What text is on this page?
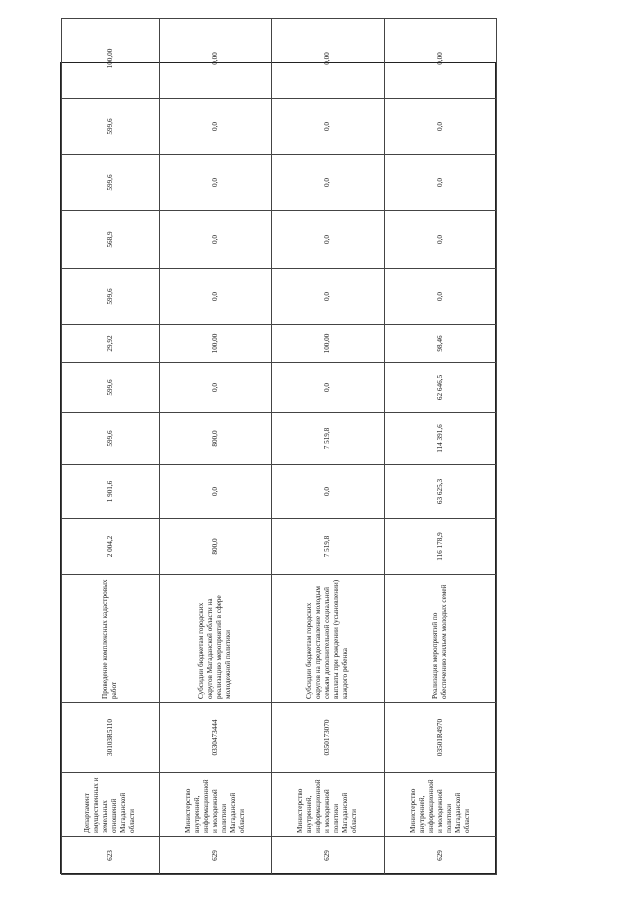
623	Департамент имущественных и земельных отношений Магаданской области	30103R5110	Проведение комплексных кадастровых работ	2 004,2	1 901,6	599,6	599,6	29,92	599,6	568,9	599,6	599,6	100,00
629	Министерство внутренней, информационной и молодежной политики Магаданской области	0330473444	Субсидии бюджетам городских округов Магаданской области на реализацию мероприятий в сфере молодежной политики	800,0	0,0	800,0	0,0	100,00	0,0	0,0	0,0	0,0	0,00
629	Министерство внутренней, информационной и молодежной политики Магаданской области	0350173070	Субсидии бюджетам городских округов на предоставление молодым семьям дополнительной социальной выплаты при рождении (усыновлении) каждого ребенка	7 519,8	0,0	7 519,8	0,0	100,00	0,0	0,0	0,0	0,0	0,00
629	Министерство внутренней, информационной и молодежной политики Магаданской области	03501R4970	Реализация мероприятий по обеспечению жильем молодых семей	116 178,9	63 625,3	114 391,6	62 646,5	98,46	0,0	0,0	0,0	0,0	0,00
